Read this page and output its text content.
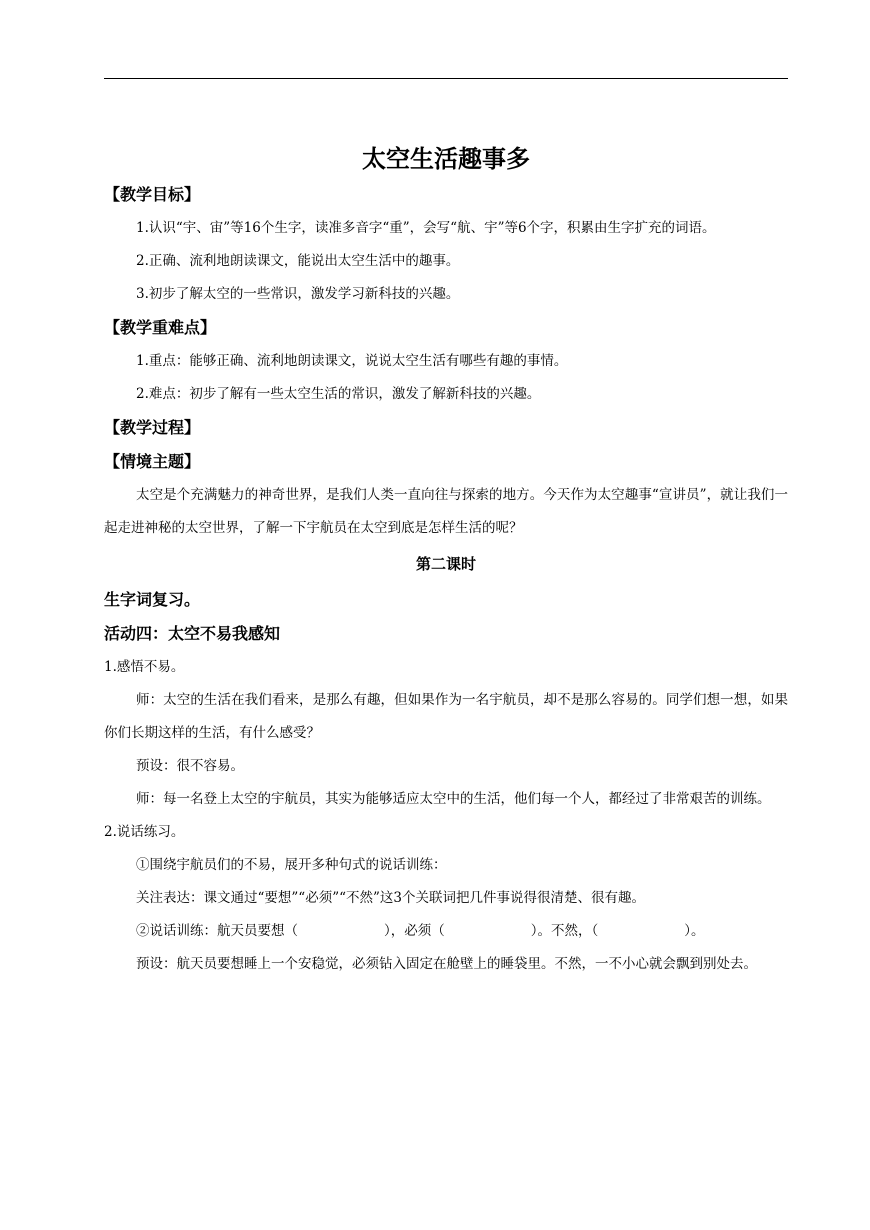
太空生活趣事多

【教学目标】

1.认识“宇、宙”等16个生字，读准多音字“重”，会写“航、宇”等6个字，积累由生字扩充的词语。

2.正确、流利地朗读课文，能说出太空生活中的趣事。

3.初步了解太空的一些常识，激发学习新科技的兴趣。

【教学重难点】

1.重点：能够正确、流利地朗读课文，说说太空生活有哪些有趣的事情。

2.难点：初步了解有一些太空生活的常识，激发了解新科技的兴趣。

【教学过程】

【情境主题】

太空是个充满魅力的神奇世界，是我们人类一直向往与探索的地方。今天作为太空趣事“宣讲员”，就让我们一起走进神秘的太空世界，了解一下宇航员在太空到底是怎样生活的呢？

第二课时

生字词复习。

活动四：太空不易我感知

1.感悟不易。

师：太空的生活在我们看来，是那么有趣，但如果作为一名宇航员，却不是那么容易的。同学们想一想，如果你们长期这样的生活，有什么感受？

预设：很不容易。

师：每一名登上太空的宇航员，其实为能够适应太空中的生活，他们每一个人，都经过了非常艰苦的训练。

2.说话练习。

①围绕宇航员们的不易，展开多种句式的说话训练：

关注表达：课文通过“要想”“必须”“不然”这3个关联词把几件事说得很清楚、很有趣。

②说话训练：航天员要想（	），必须（	）。不然，（	）。

预设：航天员要想睡上一个安稳觉，必须钻入固定在舱壁上的睡袋里。不然，一不小心就会飘到别处去。
